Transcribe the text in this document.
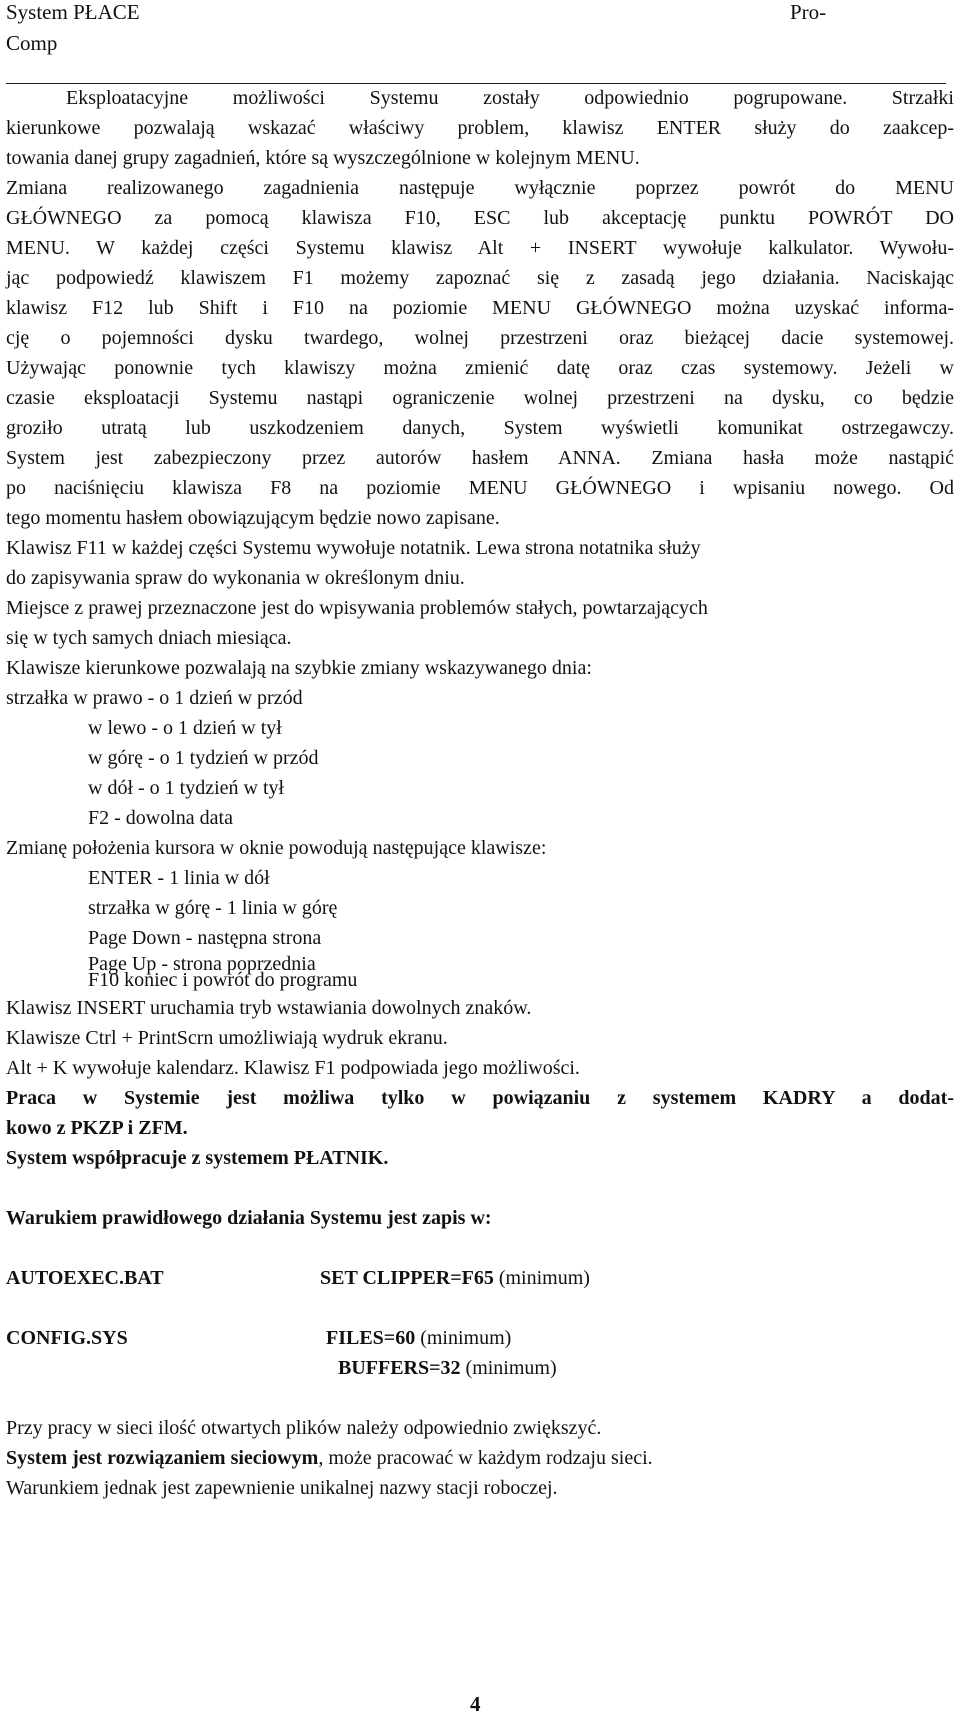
System PŁACE
Comp
Pro-
Eksploatacyjne możliwości Systemu zostały odpowiednio pogrupowane. Strzałki
kierunkowe pozwalają wskazać właściwy problem, klawisz ENTER służy do zaakcep-
towania danej grupy zagadnień, które są wyszczególnione w kolejnym MENU.
Zmiana realizowanego zagadnienia następuje wyłącznie poprzez powrót do MENU
GŁÓWNEGO za pomocą klawisza F10, ESC lub akceptację punktu POWRÓT DO
MENU. W każdej części Systemu klawisz Alt + INSERT wywołuje kalkulator. Wywołu-
jąc podpowiedź klawiszem F1 możemy zapoznać się z zasadą jego działania. Naciskając
klawisz F12 lub Shift i F10 na poziomie MENU GŁÓWNEGO można uzyskać informa-
cję o pojemności dysku twardego, wolnej przestrzeni oraz bieżącej dacie systemowej.
Używając ponownie tych klawiszy można zmienić datę oraz czas systemowy. Jeżeli w
czasie eksploatacji Systemu nastąpi ograniczenie wolnej przestrzeni na dysku, co będzie
groziło utratą lub uszkodzeniem danych, System wyświetli komunikat ostrzegawczy.
System jest zabezpieczony przez autorów hasłem ANNA. Zmiana hasła może nastąpić
po naciśnięciu klawisza F8 na poziomie MENU GŁÓWNEGO i wpisaniu nowego. Od
tego momentu hasłem obowiązującym będzie nowo zapisane.
Klawisz F11 w każdej części Systemu wywołuje notatnik. Lewa strona notatnika służy
do zapisywania spraw do wykonania w określonym dniu.
Miejsce z prawej przeznaczone jest do wpisywania problemów stałych, powtarzających
się w tych samych dniach miesiąca.
Klawisze kierunkowe pozwalają na szybkie zmiany wskazywanego dnia:
strzałka w prawo - o 1 dzień w przód
w lewo - o 1 dzień w tył
w górę - o 1 tydzień w przód
w dół - o 1 tydzień w tył
F2 - dowolna data
Zmianę położenia kursora w oknie powodują następujące klawisze:
ENTER - 1 linia w dół
strzałka w górę - 1 linia w górę
Page Down - następna strona
Page Up - strona poprzednia
F10 koniec i powrót do programu
Klawisz INSERT uruchamia tryb wstawiania dowolnych znaków.
Klawisze Ctrl + PrintScrn umożliwiają wydruk ekranu.
Alt + K wywołuje kalendarz. Klawisz F1 podpowiada jego możliwości.
Praca w Systemie jest możliwa tylko w powiązaniu z systemem KADRY a dodat-
kowo z PKZP i ZFM.
System współpracuje z systemem PŁATNIK.
Warukiem prawidłowego działania Systemu jest zapis w:
AUTOEXEC.BAT	SET CLIPPER=F65 (minimum)
CONFIG.SYS	FILES=60 (minimum)
BUFFERS=32 (minimum)
Przy pracy w sieci ilość otwartych plików należy odpowiednio zwiększyć.
System jest rozwiązaniem sieciowym, może pracować w każdym rodzaju sieci.
Warunkiem jednak jest zapewnienie unikalnej nazwy stacji roboczej.
4
